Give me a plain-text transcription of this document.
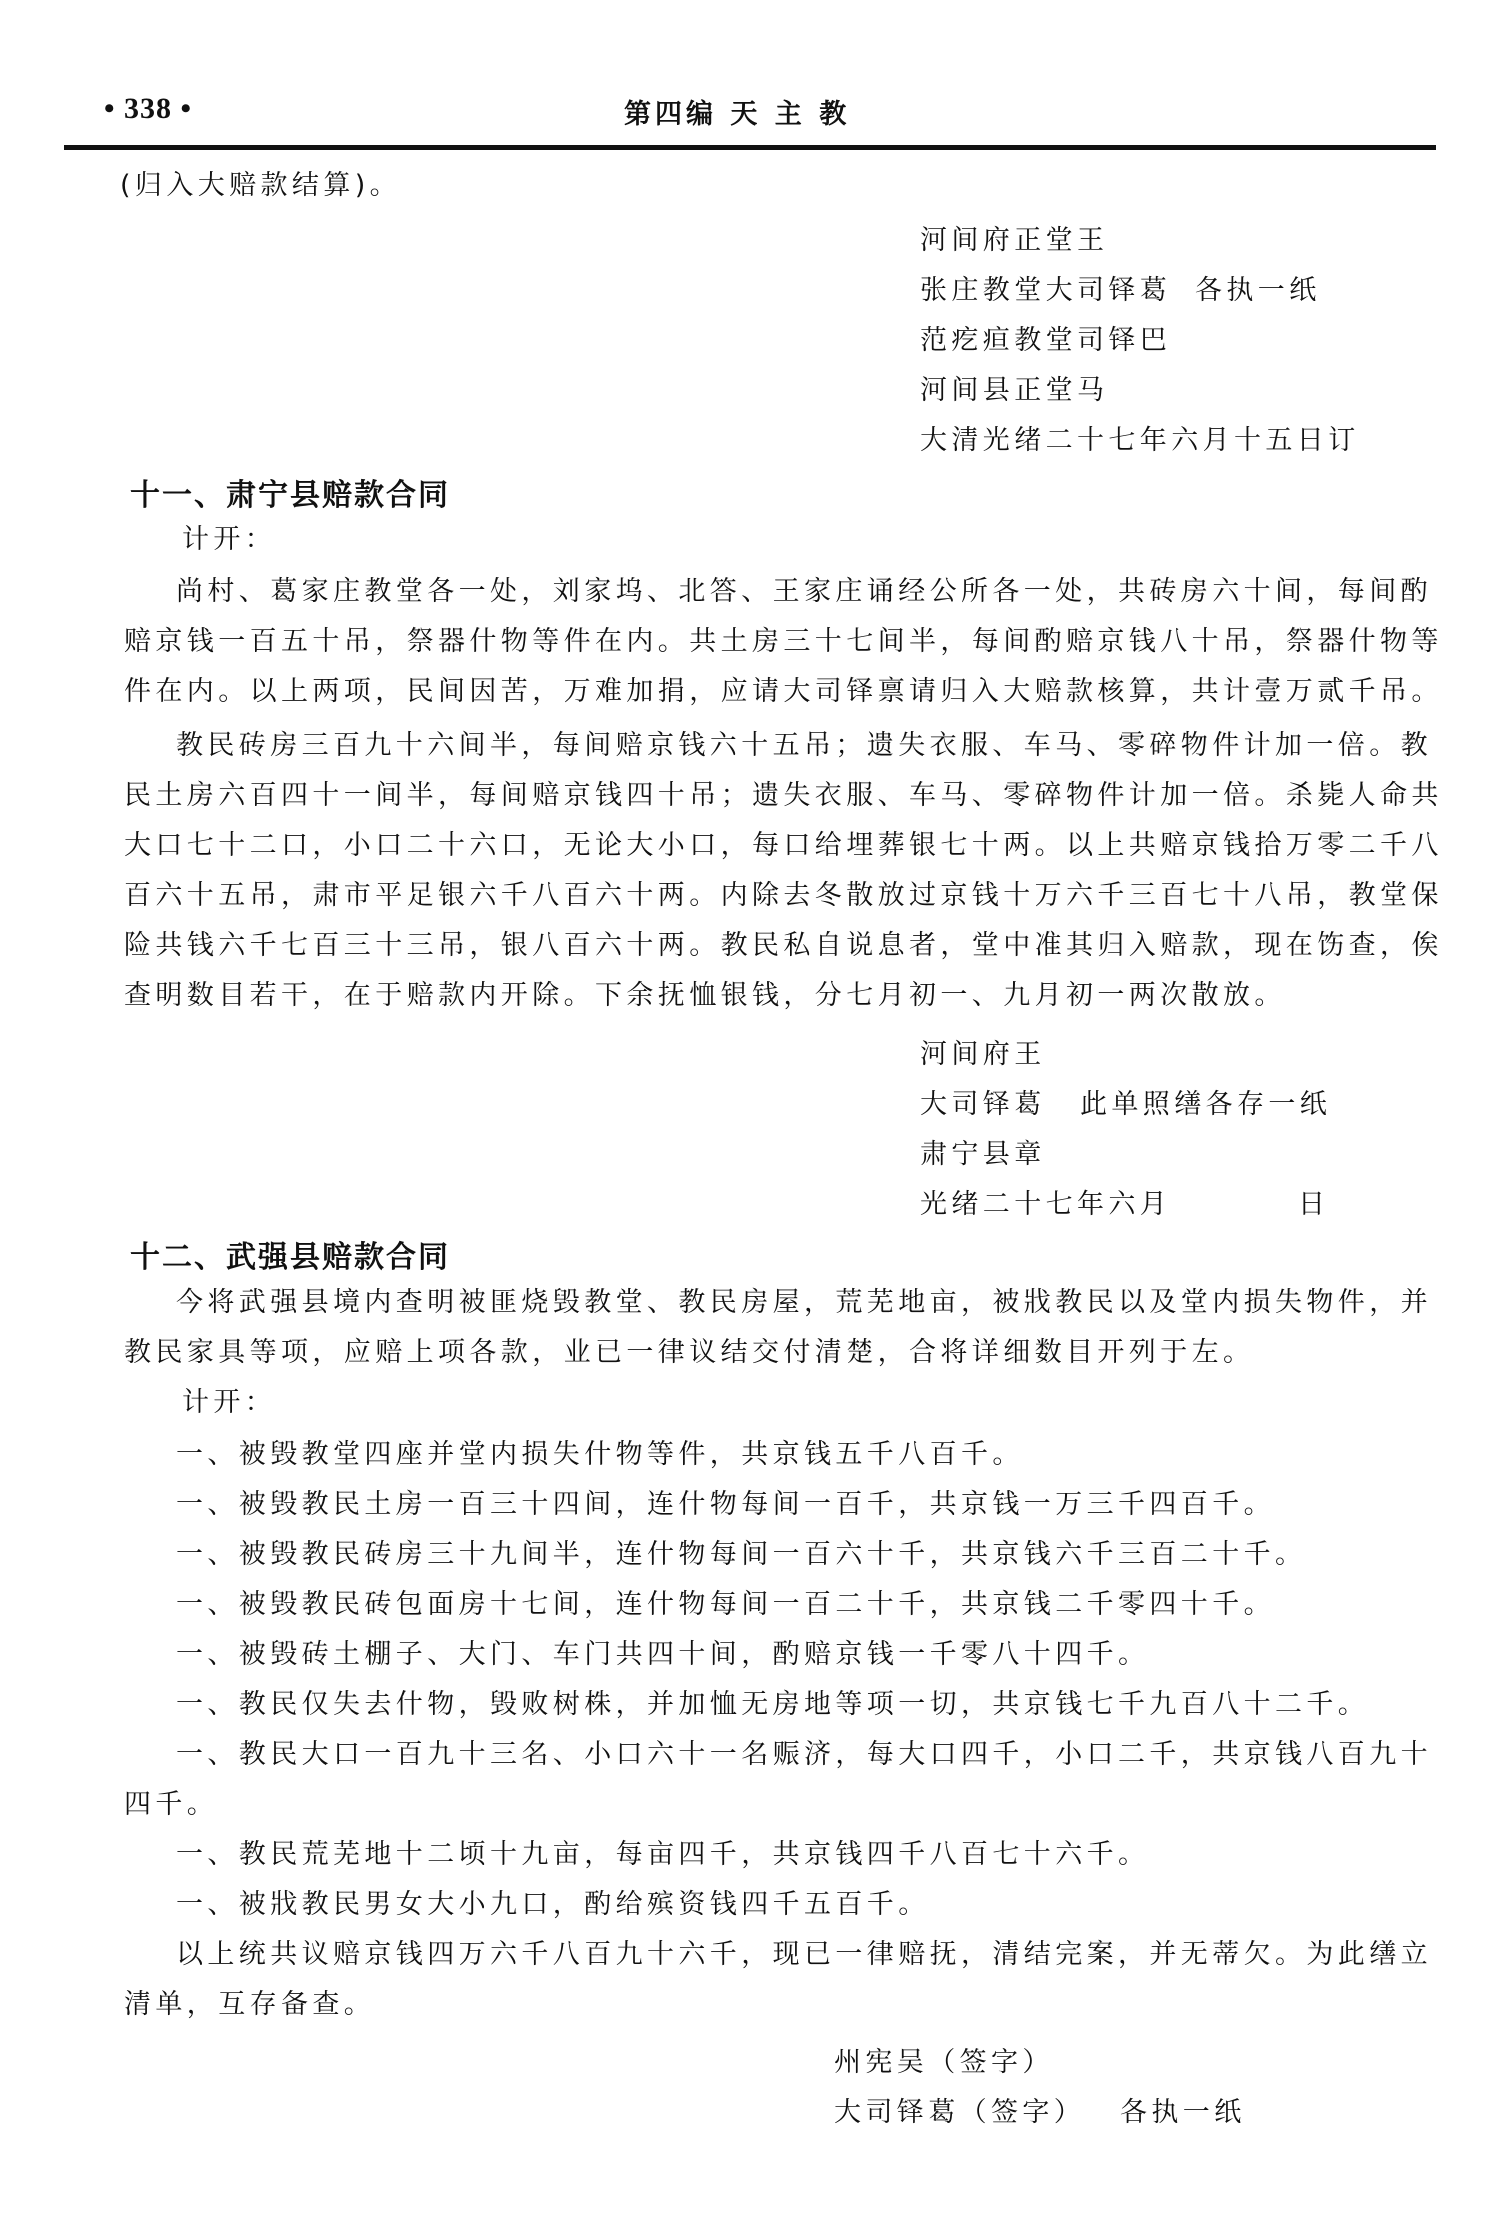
• 338 •	第四编 天 主 教
(归入大赔款结算)。
河间府正堂王
张庄教堂大司铎葛 各执一纸
范疙疸教堂司铎巴
河间县正堂马
大清光绪二十七年六月十五日订
十一、肃宁县赔款合同
计开：
尚村、葛家庄教堂各一处，刘家坞、北答、王家庄诵经公所各一处，共砖房六十间，每间酌
赔京钱一百五十吊，祭器什物等件在内。共土房三十七间半，每间酌赔京钱八十吊，祭器什物等
件在内。以上两项，民间因苦，万难加捐，应请大司铎禀请归入大赔款核算，共计壹万贰千吊。
教民砖房三百九十六间半，每间赔京钱六十五吊；遗失衣服、车马、零碎物件计加一倍。教
民土房六百四十一间半，每间赔京钱四十吊；遗失衣服、车马、零碎物件计加一倍。杀毙人命共
大口七十二口，小口二十六口，无论大小口，每口给埋葬银七十两。以上共赔京钱拾万零二千八
百六十五吊，肃市平足银六千八百六十两。内除去冬散放过京钱十万六千三百七十八吊，教堂保
险共钱六千七百三十三吊，银八百六十两。教民私自说息者，堂中准其归入赔款，现在饬查，俟
查明数目若干，在于赔款内开除。下余抚恤银钱，分七月初一、九月初一两次散放。
河间府王
大司铎葛 此单照缮各存一纸
肃宁县章
光绪二十七年六月	日
十二、武强县赔款合同
今将武强县境内查明被匪烧毁教堂、教民房屋，荒芜地亩，被戕教民以及堂内损失物件，并
教民家具等项，应赔上项各款，业已一律议结交付清楚，合将详细数目开列于左。
计开：
一、被毁教堂四座并堂内损失什物等件，共京钱五千八百千。
一、被毁教民土房一百三十四间，连什物每间一百千，共京钱一万三千四百千。
一、被毁教民砖房三十九间半，连什物每间一百六十千，共京钱六千三百二十千。
一、被毁教民砖包面房十七间，连什物每间一百二十千，共京钱二千零四十千。
一、被毁砖土棚子、大门、车门共四十间，酌赔京钱一千零八十四千。
一、教民仅失去什物，毁败树株，并加恤无房地等项一切，共京钱七千九百八十二千。
一、教民大口一百九十三名、小口六十一名赈济，每大口四千，小口二千，共京钱八百九十
四千。
一、教民荒芜地十二顷十九亩，每亩四千，共京钱四千八百七十六千。
一、被戕教民男女大小九口，酌给殡资钱四千五百千。
以上统共议赔京钱四万六千八百九十六千，现已一律赔抚，清结完案，并无蒂欠。为此缮立
清单，互存备查。
州宪吴（签字）
大司铎葛（签字） 各执一纸
